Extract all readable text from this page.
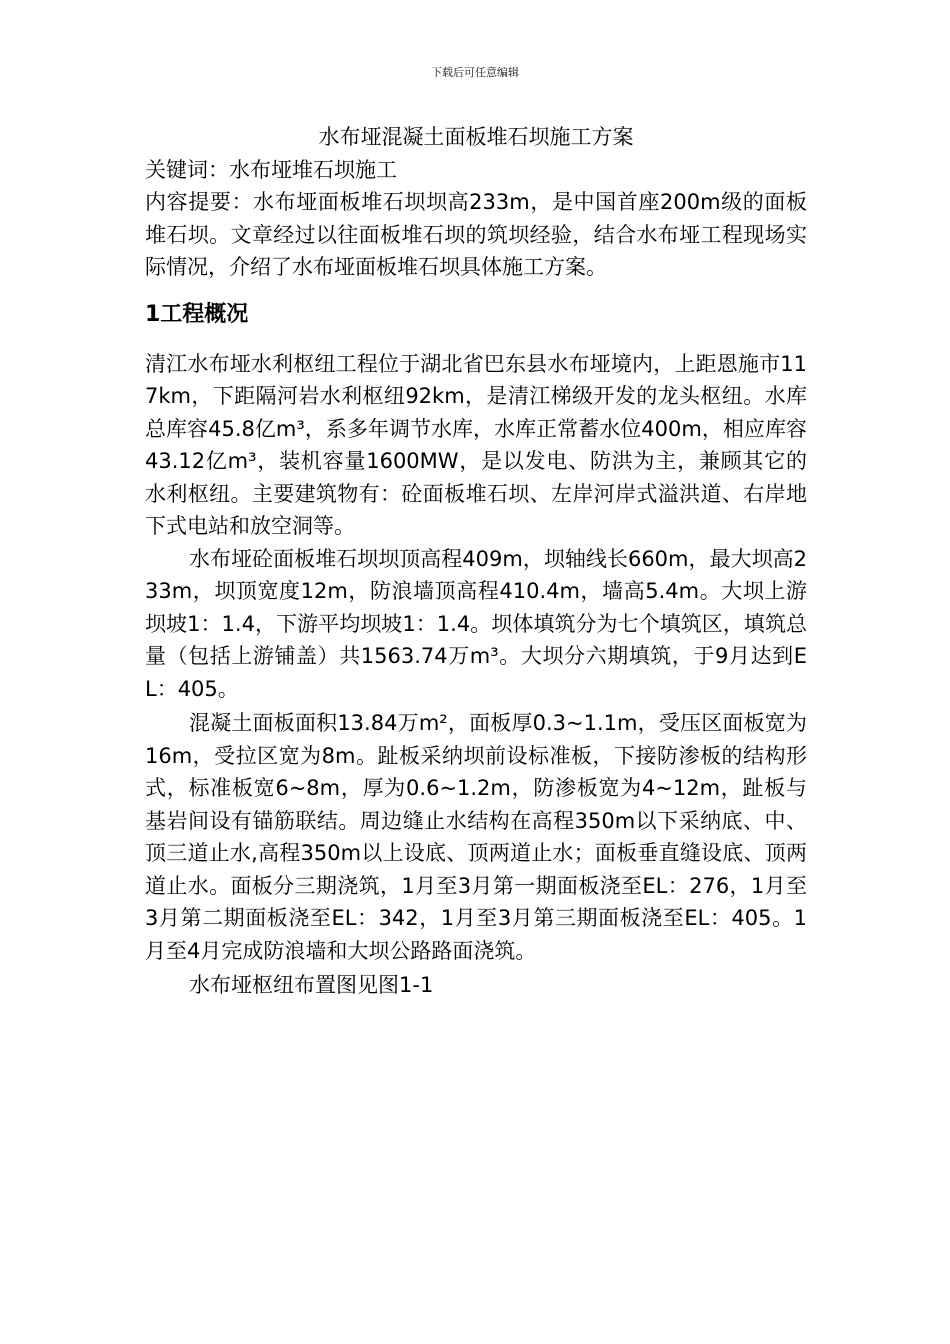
下载后可任意编辑
水布垭混凝土面板堆石坝施工方案

关键词：水布垭堆石坝施工

内容提要：水布垭面板堆石坝坝高233m，是中国首座200m级的面板堆石坝。文章经过以往面板堆石坝的筑坝经验，结合水布垭工程现场实际情况，介绍了水布垭面板堆石坝具体施工方案。

1工程概况

清江水布垭水利枢纽工程位于湖北省巴东县水布垭境内，上距恩施市117km，下距隔河岩水利枢纽92km，是清江梯级开发的龙头枢纽。水库总库容45.8亿m³，系多年调节水库，水库正常蓄水位400m，相应库容43.12亿m³，装机容量1600MW，是以发电、防洪为主，兼顾其它的水利枢纽。主要建筑物有：砼面板堆石坝、左岸河岸式溢洪道、右岸地下式电站和放空洞等。

水布垭砼面板堆石坝坝顶高程409m，坝轴线长660m，最大坝高233m，坝顶宽度12m，防浪墙顶高程410.4m，墙高5.4m。大坝上游坝坡1：1.4，下游平均坝坡1：1.4。坝体填筑分为七个填筑区，填筑总量（包括上游铺盖）共1563.74万m³。大坝分六期填筑，于9月达到EL：405。

混凝土面板面积13.84万m²，面板厚0.3~1.1m，受压区面板宽为16m，受拉区宽为8m。趾板采纳坝前设标准板，下接防渗板的结构形式，标准板宽6~8m，厚为0.6~1.2m，防渗板宽为4~12m，趾板与基岩间设有锚筋联结。周边缝止水结构在高程350m以下采纳底、中、顶三道止水,高程350m以上设底、顶两道止水；面板垂直缝设底、顶两道止水。面板分三期浇筑，1月至3月第一期面板浇至EL：276，1月至3月第二期面板浇至EL：342，1月至3月第三期面板浇至EL：405。1月至4月完成防浪墙和大坝公路路面浇筑。

水布垭枢纽布置图见图1-1
